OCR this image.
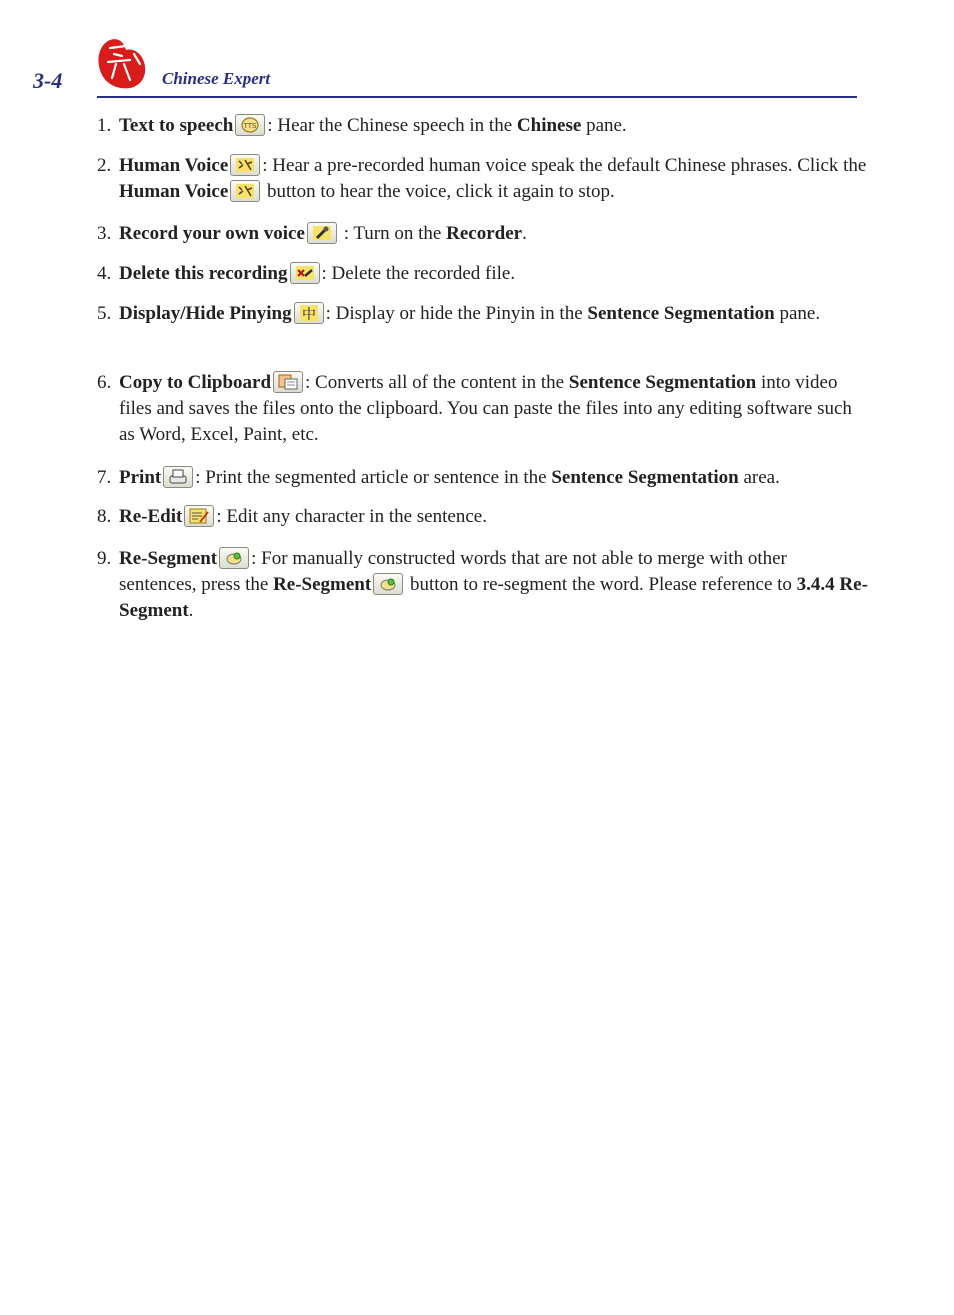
3-4	Chinese Expert
1. Text to speech TTS : Hear the Chinese speech in the Chinese pane.
2. Human Voice : Hear a pre-recorded human voice speak the default Chinese phrases. Click the Human Voice
button to hear the voice, click it again to stop.
3. Record your own voice
: Turn on the Recorder.
4. Delete this recording : Delete the recorded file.
5. Display/Hide Pinying 中 : Display or hide the Pinyin in the Sentence Segmentation pane.
6. Copy to Clipboard : Converts all of the content in the Sentence Segmentation into video files and saves the files onto the clipboard. You can paste the files into any editing software such as Word, Excel, Paint, etc.
7. Print : Print the segmented article or sentence in the Sentence Segmentation area.
8. Re-Edit : Edit any character in the sentence.
9. Re-Segment : For manually constructed words that are not able to merge with other sentences, press the Re-Segment
button to re-segment the word. Please reference to 3.4.4 Re-Segment.
